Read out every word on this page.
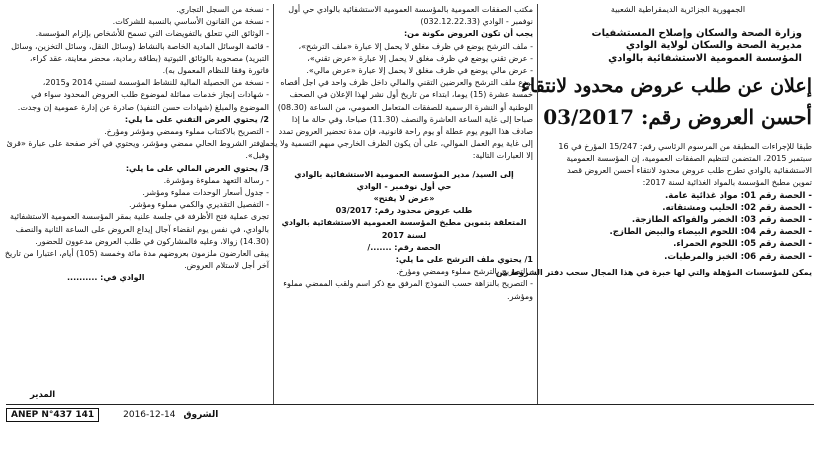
الجمهورية الجزائرية الديمقراطية الشعبية
وزارة الصحة والسكان وإصلاح المستشفيات
مديرية الصحة والسكان لولاية الوادي
المؤسسة العمومية الاستشفائية بالوادي
إعلان عن طلب عروض محدود لانتقاء
أحسن العروض رقم: 03/2017
طبقا للإجراءات المطبقة من المرسوم الرئاسي رقم: 15/247 المؤرخ في 16
سبتمبر 2015، المتضمن لتنظيم الصفقات العمومية، إن المؤسسة العمومية
الاستشفائية بالوادي تطرح طلب عروض محدود لانتقاء أحسن العروض قصد
تموين مطبخ المؤسسة بالمواد الغذائية لسنة 2017:
- الحصة رقم 01: مواد غذائية عامة.
- الحصة رقم 02: الحليب ومشتقاته.
- الحصة رقم 03: الخضر والفواكه الطازجة.
- الحصة رقم 04: اللحوم البيضاء والبيض الطازج.
- الحصة رقم 05: اللحوم الحمراء.
- الحصة رقم 06: الخبز والمرطبات.
يمكن للمؤسسات المؤهلة والتي لها خبرة في هذا المجال سحب دفتر الشروط من
مكتب الصفقات العمومية بالمؤسسة العمومية الاستشفائية بالوادي حي أول
نوفمبر - الوادي (032.12.22.33)
يجب أن تكون العروض مكونة من:
- ملف الترشح يوضع في ظرف مغلق لا يحمل إلا عبارة «ملف الترشح»،
- عرض تقني يوضع في ظرف مغلق لا يحمل إلا عبارة «عرض تقني»،
- عرض مالي يوضع في ظرف مغلق لا يحمل إلا عبارة «عرض مالي».
يودع ملف الترشح والعرضين التقني والمالي داخل ظرف واحد في اجل أقصاه
خمسة عشرة (15) يوما، ابتداء من تاريخ أول نشر لهذا الإعلان في الصحف
الوطنية أو النشرة الرسمية للصفقات المتعامل العمومي، من الساعة (08.30)
صباحا إلى غاية الساعة العاشرة والنصف (11.30) صباحا، وفي حالة ما إذا
صادف هذا اليوم يوم عطلة أو يوم راحة قانونية، فإن مدة تحضير العروض تمدد
إلى غاية يوم العمل الموالي، على أن يكون الظرف الخارجي مبهم التسمية ولا يحمل
إلا العبارات التالية:
إلى السيد/ مدير المؤسسة العمومية الاستشفائية بالوادي
حي أول نوفمبر - الوادي
«عرض لا يفتح»
طلب عروض محدود رقم: 03/2017
المتعلقة بتموين مطبخ المؤسسة العمومية الاستشفائية بالوادي
لسنة 2017
الحصة رقم: ......./
1/ يحتوي ملف الترشح على ما يلي:
- التصريح بالترشح مملوء وممضي ومؤرخ.
- التصريح بالنزاهة حسب النموذج المرفق مع ذكر اسم ولقب الممضي مملوء
ومؤشر.
- نسخة من السجل التجاري.
- نسخة من القانون الأساسي بالنسبة للشركات.
- الوثائق التي تتعلق بالتفويضات التي تسمح للأشخاص بإلزام المؤسسة.
- قائمة الوسائل المادية الخاصة بالنشاط (وسائل النقل، وسائل التخزين، وسائل
التبريد) مصحوبة بالوثائق الثبوتية (بطاقة رمادية، محضر معاينة، عقد كراء،
فاتورة وفقا للنظام المعمول به).
- نسخة من الحصيلة المالية للنشاط المؤسسة لسنتي 2014 و2015،
- شهادات إنجاز خدمات مماثلة لموضوع طلب العروض المحدود سواء في
الموضوع والمبلغ (شهادات حسن التنفيذ) صادرة عن إدارة عمومية إن وجدت.
2/ يحتوي العرض التقني على ما يلي:
- التصريح بالاكتتاب مملوء وممضي ومؤشر ومؤرخ.
- دفتر الشروط الحالي ممضي ومؤشر، ويحتوي في آخر صفحة على عبارة «قرئ
وقبل».
3/ يحتوي العرض المالي على ما يلي:
- رسالة التعهد مملوءة ومؤشرة.
- جدول أسعار الوحدات مملوء ومؤشر.
- التفصيل التقديري والكمي مملوء ومؤشر.
تجرى عملية فتح الأظرفة في جلسة علنية بمقر المؤسسة العمومية الاستشفائية
بالوادي، في نفس يوم انقضاء آجال إيداع العروض على الساعة الثانية والنصف
(14.30) زوالا، وعليه فالمشاركون في طلب العروض مدعوون للحضور.
يبقى العارضون ملزمون بعروضهم مدة مائة وخمسة (105) أيام، اعتبارا من تاريخ
آخر أجل لاستلام العروض.
الوادي في: ..........
المدير
ANEP N°437 141	2016-12-14 الشروق
